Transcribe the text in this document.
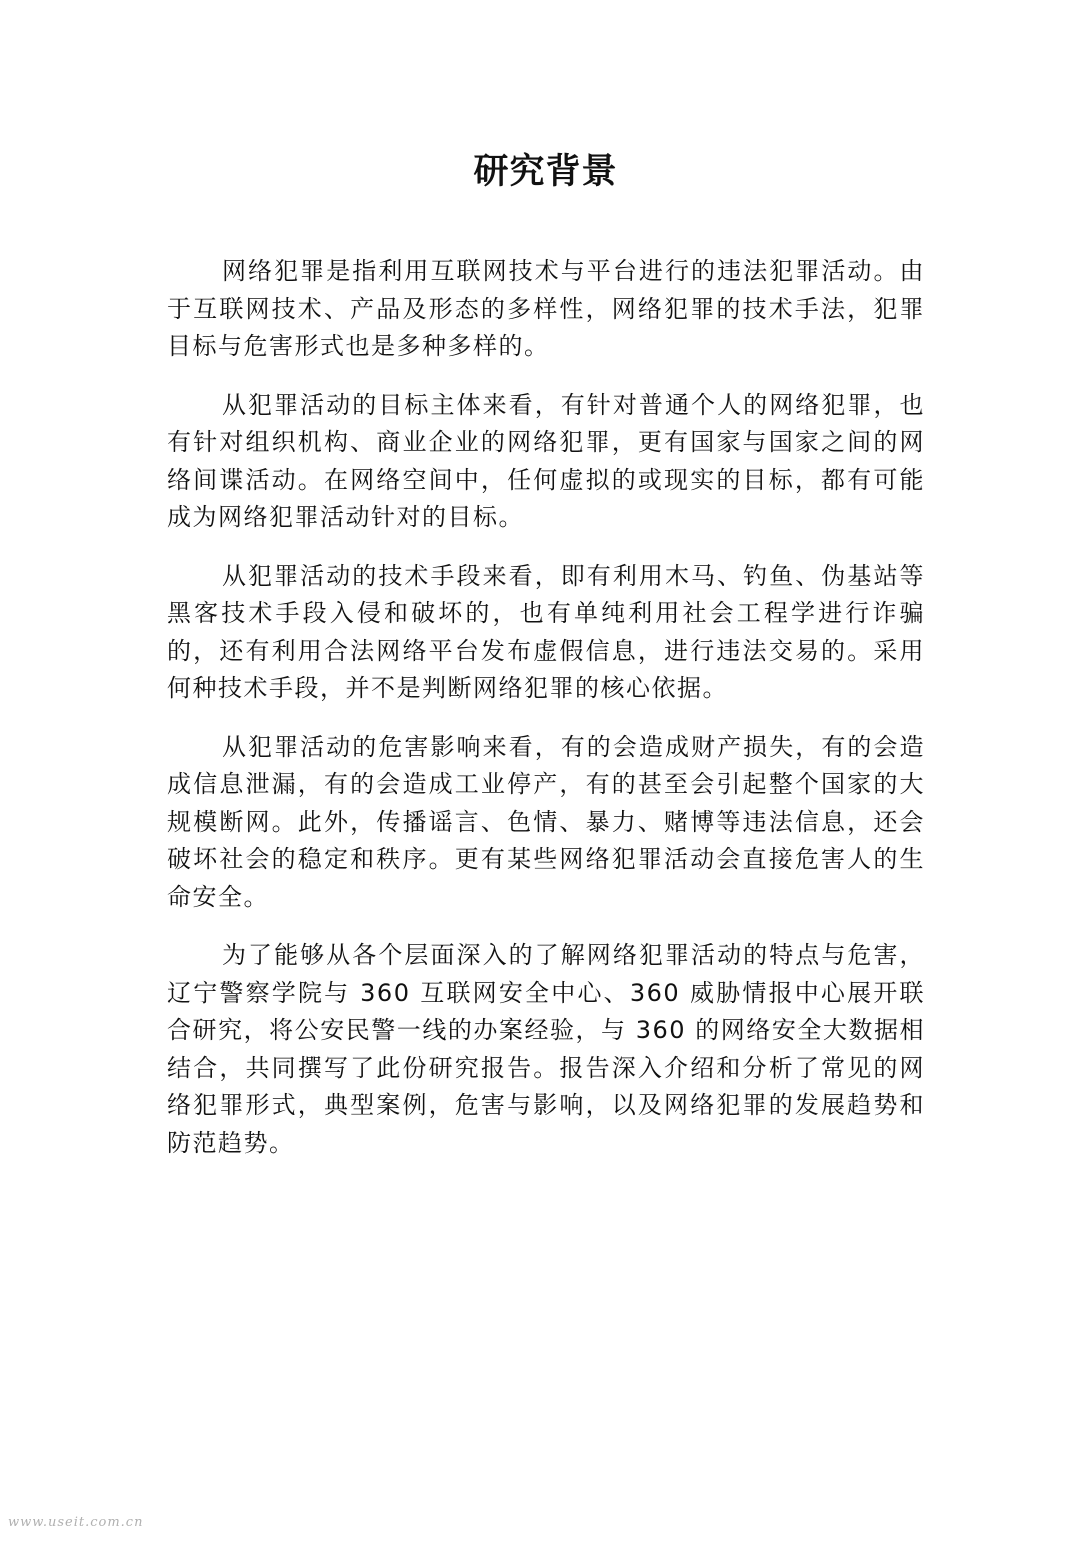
研究背景

网络犯罪是指利用互联网技术与平台进行的违法犯罪活动。由于互联网技术、产品及形态的多样性，网络犯罪的技术手法，犯罪目标与危害形式也是多种多样的。

从犯罪活动的目标主体来看，有针对普通个人的网络犯罪，也有针对组织机构、商业企业的网络犯罪，更有国家与国家之间的网络间谍活动。在网络空间中，任何虚拟的或现实的目标，都有可能成为网络犯罪活动针对的目标。

从犯罪活动的技术手段来看，即有利用木马、钓鱼、伪基站等黑客技术手段入侵和破坏的，也有单纯利用社会工程学进行诈骗的，还有利用合法网络平台发布虚假信息，进行违法交易的。采用何种技术手段，并不是判断网络犯罪的核心依据。

从犯罪活动的危害影响来看，有的会造成财产损失，有的会造成信息泄漏，有的会造成工业停产，有的甚至会引起整个国家的大规模断网。此外，传播谣言、色情、暴力、赌博等违法信息，还会破坏社会的稳定和秩序。更有某些网络犯罪活动会直接危害人的生命安全。

为了能够从各个层面深入的了解网络犯罪活动的特点与危害，辽宁警察学院与 360 互联网安全中心、360 威胁情报中心展开联合研究，将公安民警一线的办案经验，与 360 的网络安全大数据相结合，共同撰写了此份研究报告。报告深入介绍和分析了常见的网络犯罪形式，典型案例，危害与影响，以及网络犯罪的发展趋势和防范趋势。

www.useit.com.cn
